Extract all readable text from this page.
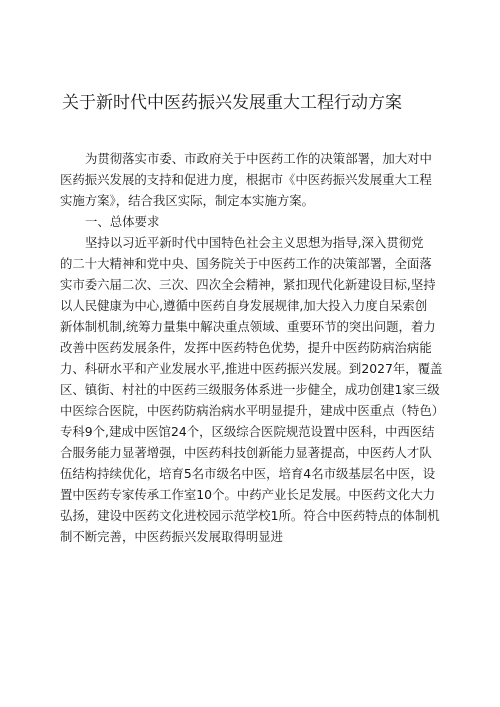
关于新时代中医药振兴发展重大工程行动方案
为贯彻落实市委、市政府关于中医药工作的决策部署，加大对中
医药振兴发展的支持和促进力度，根据市《中医药振兴发展重大工程
实施方案》，结合我区实际，制定本实施方案。
一、总体要求
坚持以习近平新时代中国特色社会主义思想为指导,深入贯彻党
的二十大精神和党中央、国务院关于中医药工作的决策部署，全面落
实市委六届二次、三次、四次全会精神，紧扣现代化新建设目标,坚持
以人民健康为中心,遵循中医药自身发展规律,加大投入力度自呆索创
新体制机制,统筹力量集中解决重点领域、重要环节的突出问题，着力
改善中医药发展条件，发挥中医药特色优势，提升中医药防病治病能
力、科研水平和产业发展水平,推进中医药振兴发展。到2027年，覆盖
区、镇街、村社的中医药三级服务体系进一步健全，成功创建1家三级
中医综合医院，中医药防病治病水平明显提升，建成中医重点（特色）
专科9个,建成中医馆24个，区级综合医院规范设置中医科，中西医结
合服务能力显著增强，中医药科技创新能力显著提高，中医药人才队
伍结构持续优化，培育5名市级名中医，培育4名市级基层名中医，设
置中医药专家传承工作室10个。中药产业长足发展。中医药文化大力
弘扬，建设中医药文化进校园示范学校1所。符合中医药特点的体制机
制不断完善，中医药振兴发展取得明显进
